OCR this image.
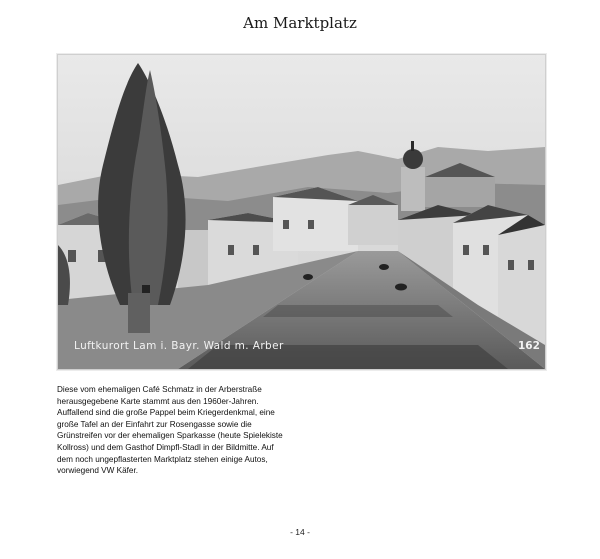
Am Marktplatz
Luftkurort Lam i. Bayr. Wald m. Arber	162

Diese vom ehemaligen Café Schmatz in der Arberstraße herausgegebene Karte stammt aus den 1960er-Jahren. Auffallend sind die große Pappel beim Kriegerdenkmal, eine große Tafel an der Einfahrt zur Rosengasse sowie die Grünstreifen vor der ehemaligen Sparkasse (heute Spielekiste Kollross) und dem Gasthof Dimpfl-Stadl in der Bildmitte. Auf dem noch ungepflasterten Marktplatz stehen einige Autos, vorwiegend VW Käfer.

- 14 -
